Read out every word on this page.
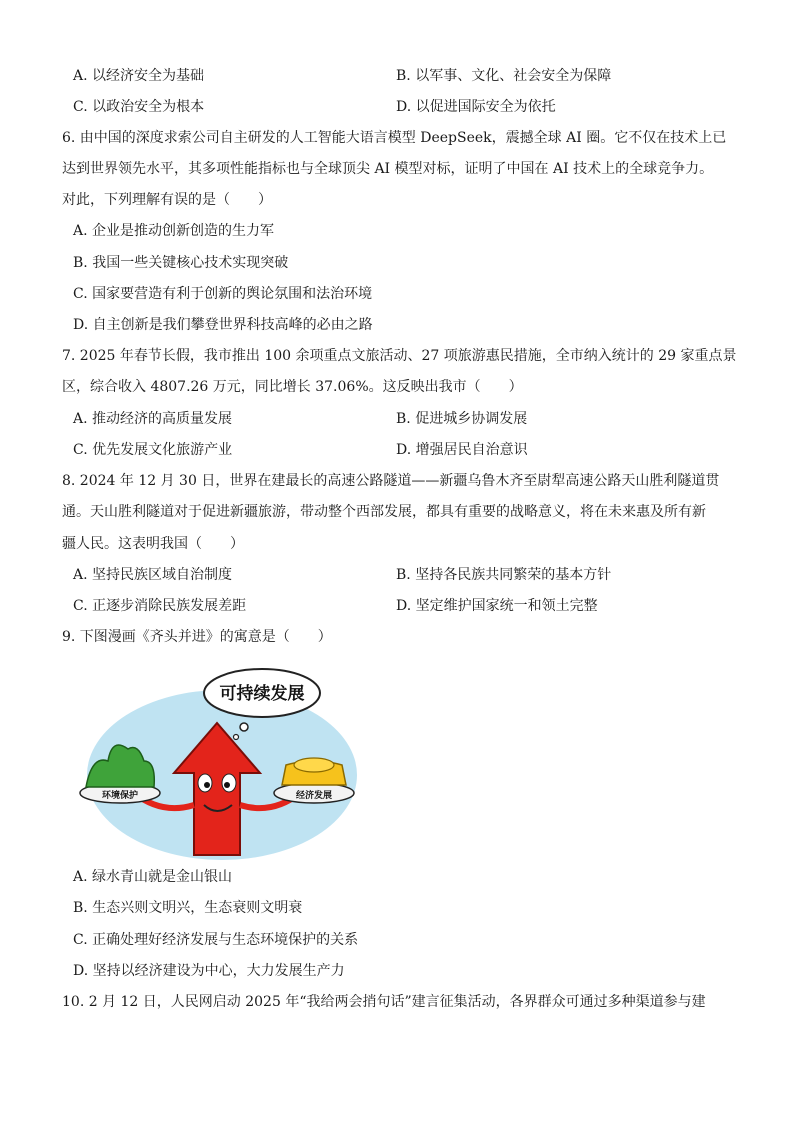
A. 以经济安全为基础	B. 以军事、文化、社会安全为保障
C. 以政治安全为根本	D. 以促进国际安全为依托
6. 由中国的深度求索公司自主研发的人工智能大语言模型 DeepSeek，震撼全球 AI 圈。它不仅在技术上已
达到世界领先水平，其多项性能指标也与全球顶尖 AI 模型对标，证明了中国在 AI 技术上的全球竞争力。
对此，下列理解有误的是（　　）
A. 企业是推动创新创造的生力军
B. 我国一些关键核心技术实现突破
C. 国家要营造有利于创新的舆论氛围和法治环境
D. 自主创新是我们攀登世界科技高峰的必由之路
7. 2025 年春节长假，我市推出 100 余项重点文旅活动、27 项旅游惠民措施，全市纳入统计的 29 家重点景
区，综合收入 4807.26 万元，同比增长 37.06%。这反映出我市（　　）
A. 推动经济的高质量发展	B. 促进城乡协调发展
C. 优先发展文化旅游产业	D. 增强居民自治意识
8. 2024 年 12 月 30 日，世界在建最长的高速公路隧道——新疆乌鲁木齐至尉犁高速公路天山胜利隧道贯
通。天山胜利隧道对于促进新疆旅游，带动整个西部发展，都具有重要的战略意义，将在未来惠及所有新
疆人民。这表明我国（　　）
A. 坚持民族区域自治制度	B. 坚持各民族共同繁荣的基本方针
C. 正逐步消除民族发展差距	D. 坚定维护国家统一和领土完整
9. 下图漫画《齐头并进》的寓意是（　　）
可持续发展
环境保护	经济发展
A. 绿水青山就是金山银山
B. 生态兴则文明兴，生态衰则文明衰
C. 正确处理好经济发展与生态环境保护的关系
D. 坚持以经济建设为中心，大力发展生产力
10. 2 月 12 日，人民网启动 2025 年“我给两会捎句话”建言征集活动，各界群众可通过多种渠道参与建
